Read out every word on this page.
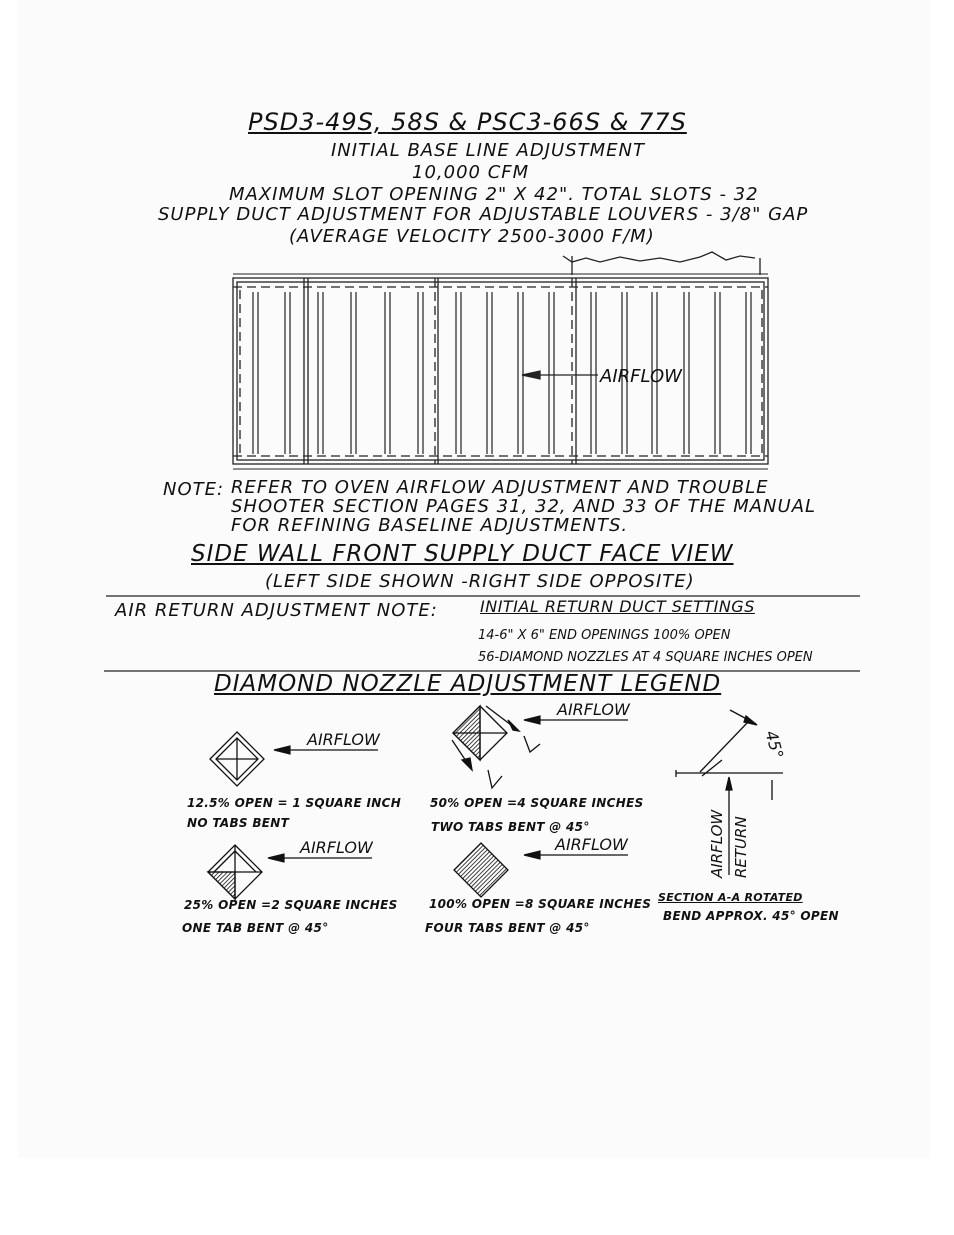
PSD3-49S, 58S & PSC3-66S & 77S
INITIAL BASE LINE ADJUSTMENT
10,000 CFM
MAXIMUM SLOT OPENING 2" X 42". TOTAL SLOTS - 32
SUPPLY DUCT ADJUSTMENT FOR ADJUSTABLE LOUVERS - 3/8" GAP
(AVERAGE VELOCITY 2500-3000 F/M)
AIRFLOW
NOTE: REFER TO OVEN AIRFLOW ADJUSTMENT AND TROUBLE
SHOOTER SECTION PAGES 31, 32, AND 33 OF THE MANUAL
FOR REFINING BASELINE ADJUSTMENTS.
SIDE WALL FRONT SUPPLY DUCT FACE VIEW
(LEFT SIDE SHOWN -RIGHT SIDE OPPOSITE)
AIR RETURN ADJUSTMENT NOTE:	INITIAL RETURN DUCT SETTINGS
14-6" X 6" END OPENINGS 100% OPEN
56-DIAMOND NOZZLES AT 4 SQUARE INCHES OPEN
DIAMOND NOZZLE ADJUSTMENT LEGEND
AIRFLOW
AIRFLOW
AIRFLOW	AIRFLOW
45°
AIRFLOW RETURN
12.5% OPEN = 1 SQUARE INCH
NO TABS BENT
50% OPEN =4 SQUARE INCHES
TWO TABS BENT @ 45°
25% OPEN =2 SQUARE INCHES
ONE TAB BENT @ 45°
100% OPEN =8 SQUARE INCHES
FOUR TABS BENT @ 45°
SECTION A-A ROTATED
BEND APPROX. 45° OPEN
